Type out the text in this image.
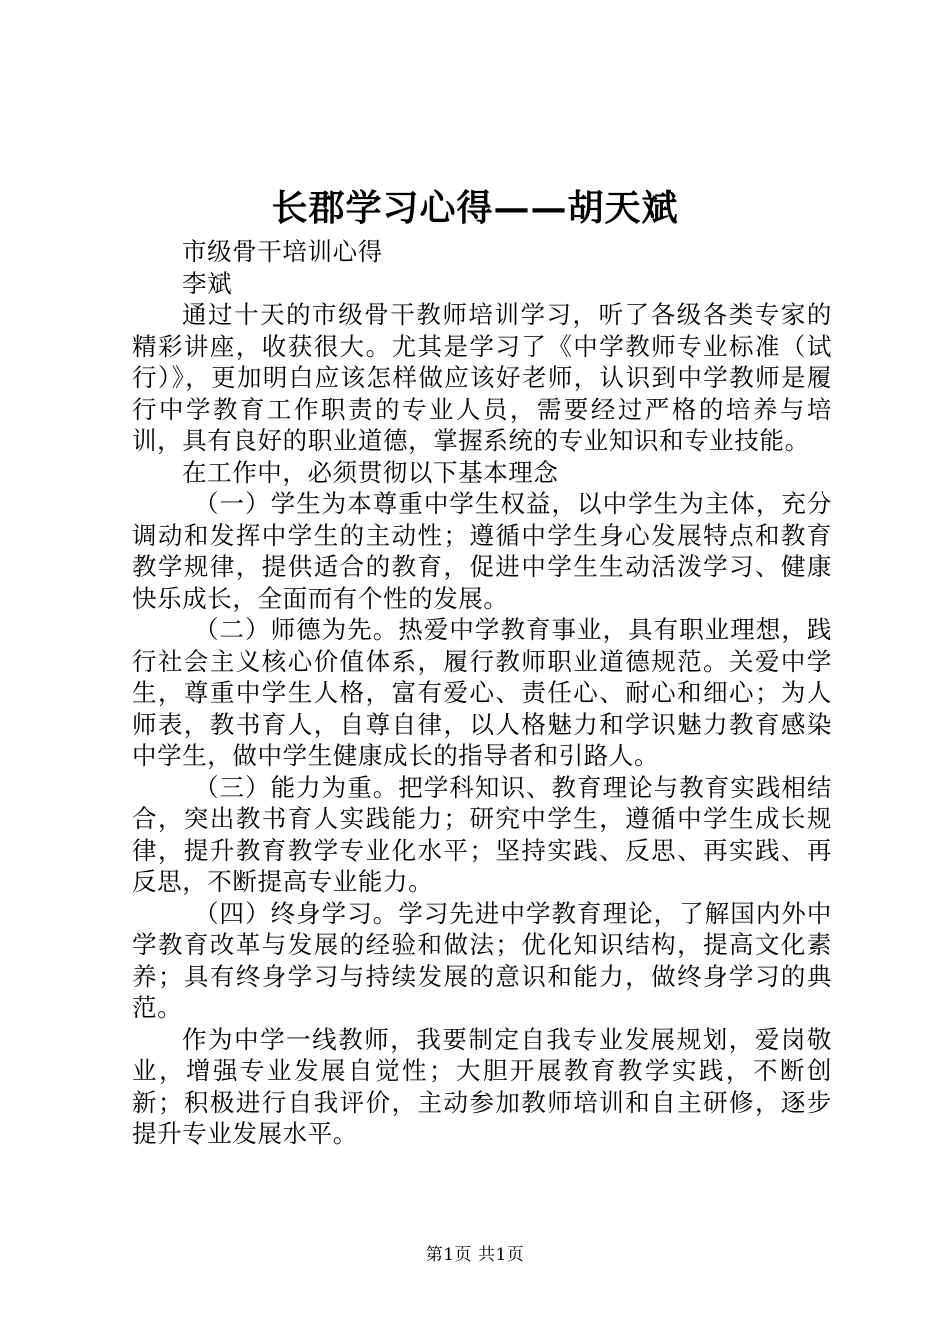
长郡学习心得——胡天斌

市级骨干培训心得

李斌

通过十天的市级骨干教师培训学习，听了各级各类专家的精彩讲座，收获很大。尤其是学习了《中学教师专业标准（试行）》，更加明白应该怎样做应该好老师，认识到中学教师是履行中学教育工作职责的专业人员，需要经过严格的培养与培训，具有良好的职业道德，掌握系统的专业知识和专业技能。

在工作中，必须贯彻以下基本理念

（一）学生为本尊重中学生权益，以中学生为主体，充分调动和发挥中学生的主动性；遵循中学生身心发展特点和教育教学规律，提供适合的教育，促进中学生生动活泼学习、健康快乐成长，全面而有个性的发展。

（二）师德为先。热爱中学教育事业，具有职业理想，践行社会主义核心价值体系，履行教师职业道德规范。关爱中学生，尊重中学生人格，富有爱心、责任心、耐心和细心；为人师表，教书育人，自尊自律，以人格魅力和学识魅力教育感染中学生，做中学生健康成长的指导者和引路人。

（三）能力为重。把学科知识、教育理论与教育实践相结合，突出教书育人实践能力；研究中学生，遵循中学生成长规律，提升教育教学专业化水平；坚持实践、反思、再实践、再反思，不断提高专业能力。

（四）终身学习。学习先进中学教育理论，了解国内外中学教育改革与发展的经验和做法；优化知识结构，提高文化素养；具有终身学习与持续发展的意识和能力，做终身学习的典范。

作为中学一线教师，我要制定自我专业发展规划，爱岗敬业，增强专业发展自觉性；大胆开展教育教学实践，不断创新；积极进行自我评价，主动参加教师培训和自主研修，逐步提升专业发展水平。

第1页 共1页
